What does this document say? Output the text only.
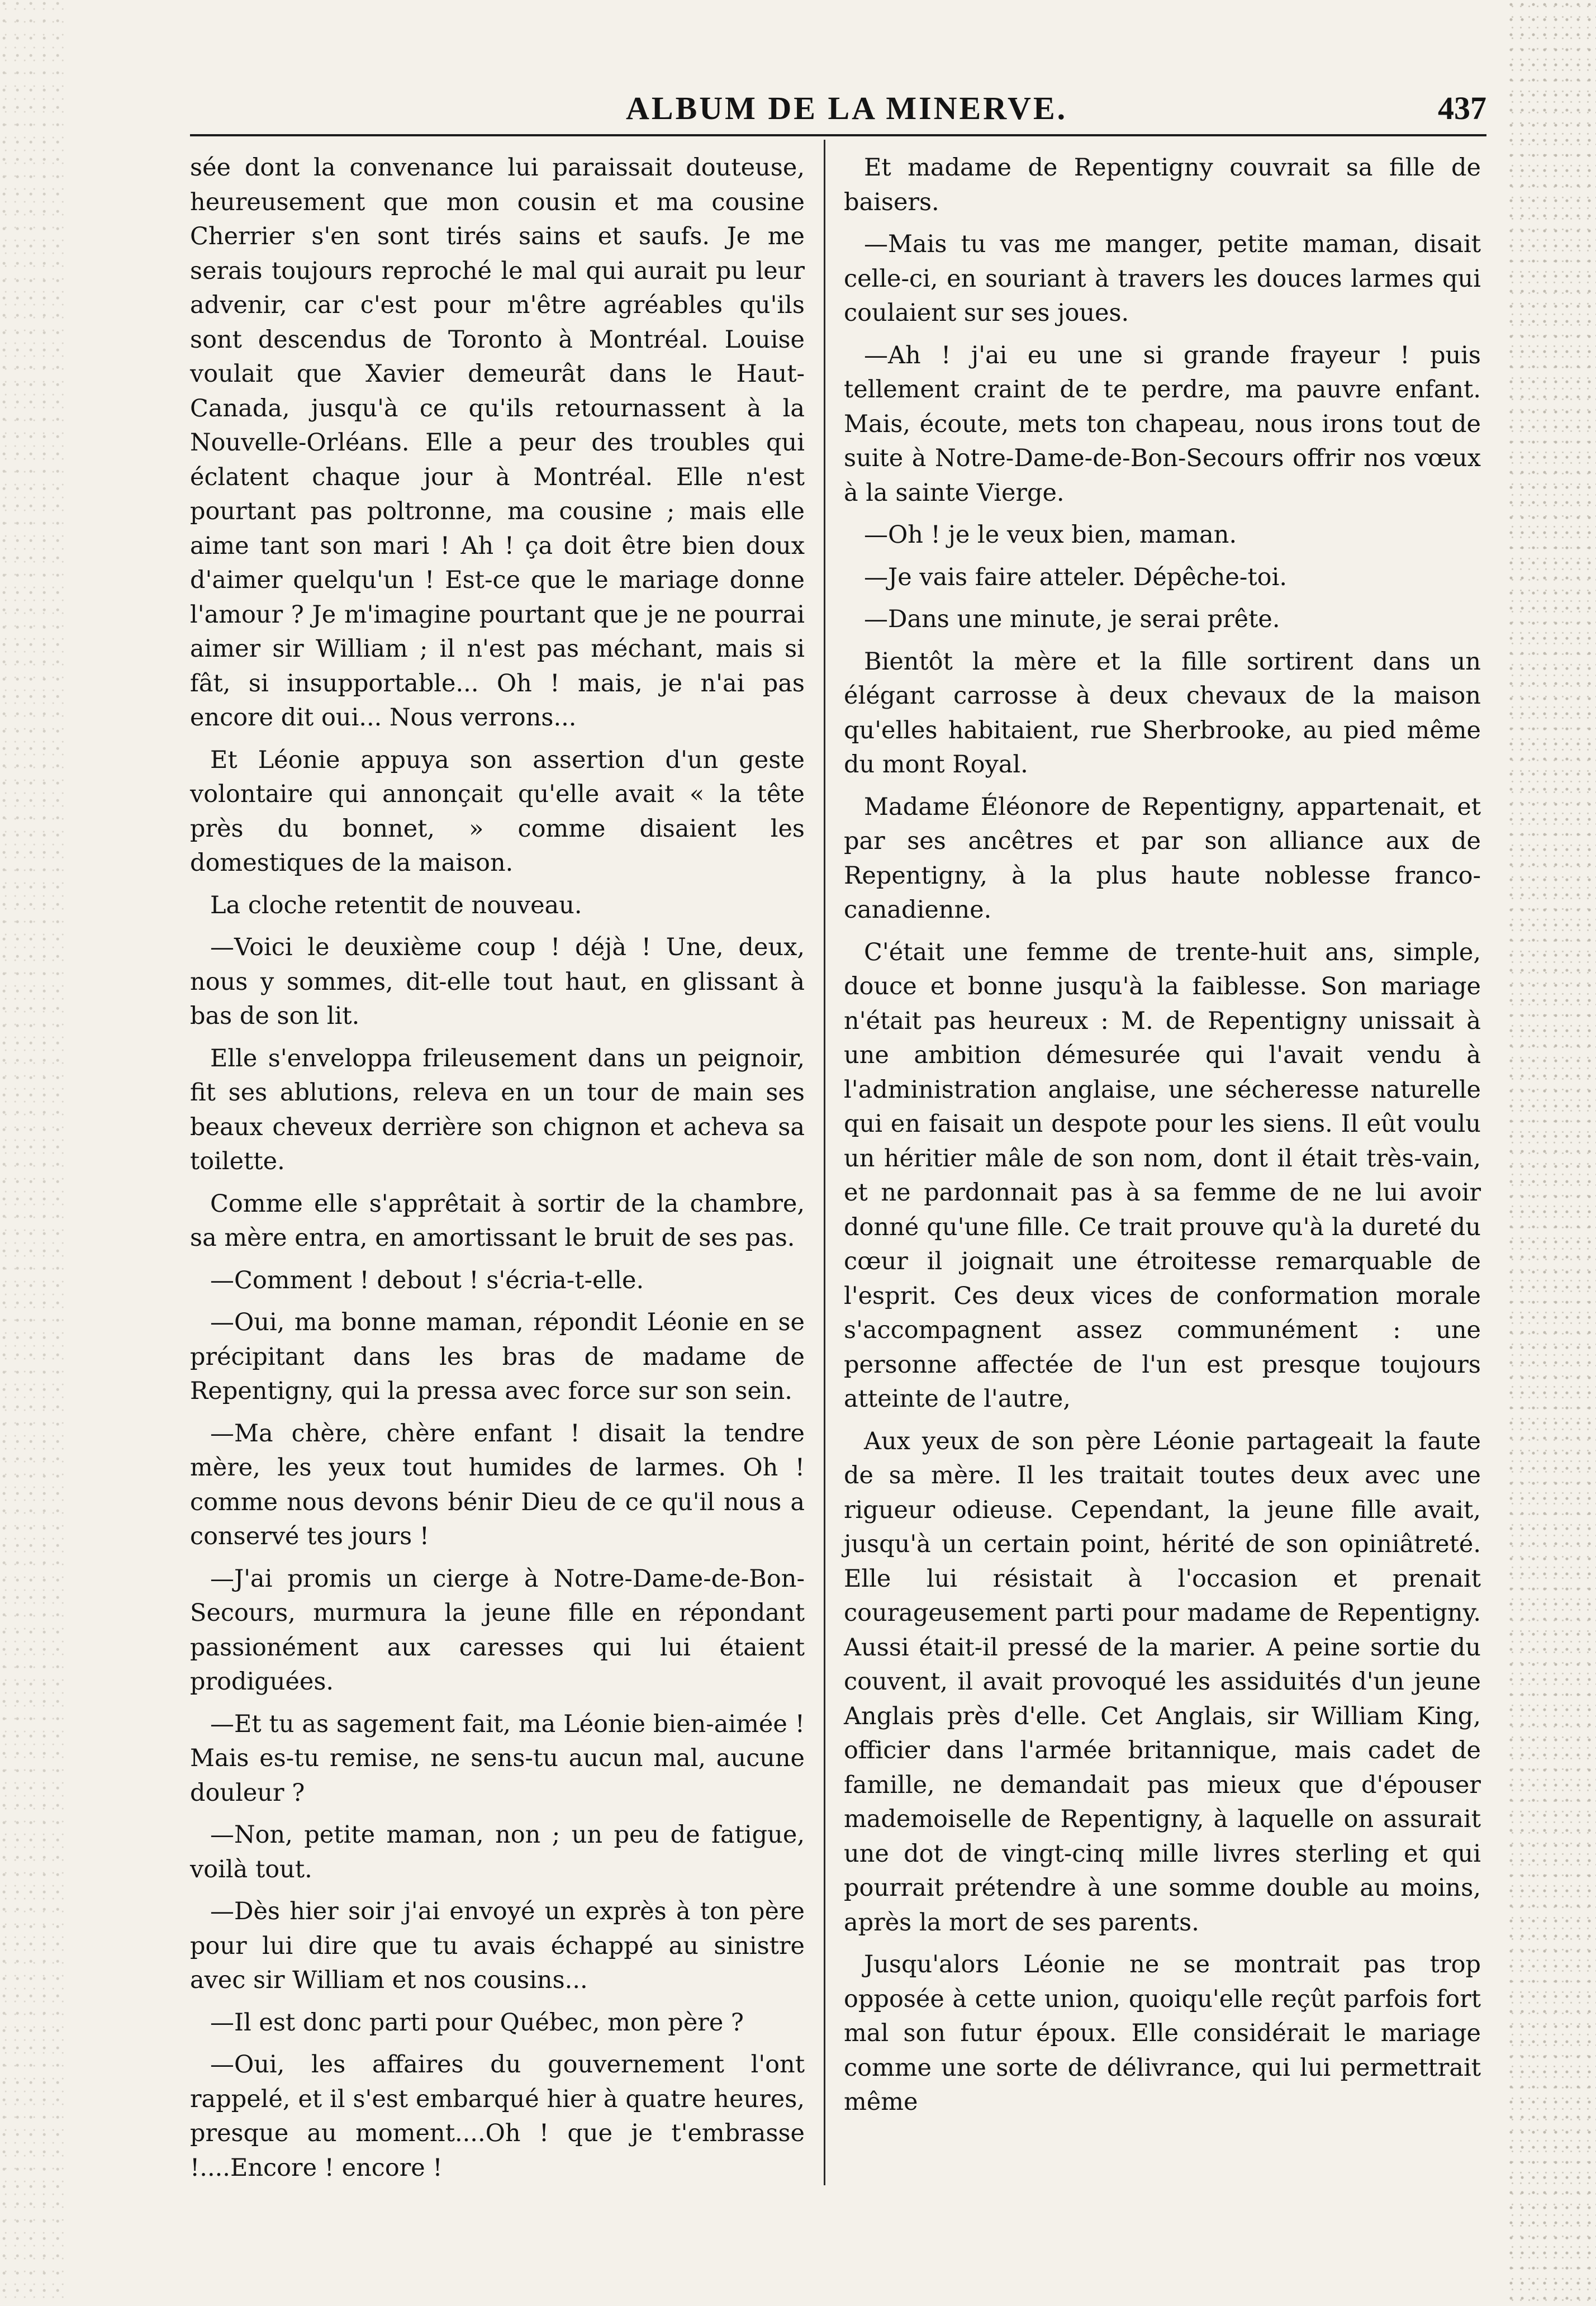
ALBUM DE LA MINERVE.	437

sée dont la convenance lui paraissait douteuse, heureusement que mon cousin et ma cousine Cherrier s'en sont tirés sains et saufs. Je me serais toujours reproché le mal qui aurait pu leur advenir, car c'est pour m'être agréables qu'ils sont descendus de Toronto à Montréal. Louise voulait que Xavier demeurât dans le Haut-Canada, jusqu'à ce qu'ils retournassent à la Nouvelle-Orléans. Elle a peur des troubles qui éclatent chaque jour à Montréal. Elle n'est pourtant pas poltronne, ma cousine ; mais elle aime tant son mari ! Ah ! ça doit être bien doux d'aimer quelqu'un ! Est-ce que le mariage donne l'amour ? Je m'imagine pourtant que je ne pourrai aimer sir William ; il n'est pas méchant, mais si fât, si insupportable... Oh ! mais, je n'ai pas encore dit oui... Nous verrons...

Et Léonie appuya son assertion d'un geste volontaire qui annonçait qu'elle avait « la tête près du bonnet, » comme disaient les domestiques de la maison.

La cloche retentit de nouveau.

—Voici le deuxième coup ! déjà ! Une, deux, nous y sommes, dit-elle tout haut, en glissant à bas de son lit.

Elle s'enveloppa frileusement dans un peignoir, fit ses ablutions, releva en un tour de main ses beaux cheveux derrière son chignon et acheva sa toilette.

Comme elle s'apprêtait à sortir de la chambre, sa mère entra, en amortissant le bruit de ses pas.

—Comment ! debout ! s'écria-t-elle.

—Oui, ma bonne maman, répondit Léonie en se précipitant dans les bras de madame de Repentigny, qui la pressa avec force sur son sein.

—Ma chère, chère enfant ! disait la tendre mère, les yeux tout humides de larmes. Oh ! comme nous devons bénir Dieu de ce qu'il nous a conservé tes jours !

—J'ai promis un cierge à Notre-Dame-de-Bon-Secours, murmura la jeune fille en répondant passionément aux caresses qui lui étaient prodiguées.

—Et tu as sagement fait, ma Léonie bien-aimée ! Mais es-tu remise, ne sens-tu aucun mal, aucune douleur ?

—Non, petite maman, non ; un peu de fatigue, voilà tout.

—Dès hier soir j'ai envoyé un exprès à ton père pour lui dire que tu avais échappé au sinistre avec sir William et nos cousins...

—Il est donc parti pour Québec, mon père ?

—Oui, les affaires du gouvernement l'ont rappelé, et il s'est embarqué hier à quatre heures, presque au moment....Oh ! que je t'embrasse !....Encore ! encore !

Et madame de Repentigny couvrait sa fille de baisers.

—Mais tu vas me manger, petite maman, disait celle-ci, en souriant à travers les douces larmes qui coulaient sur ses joues.

—Ah ! j'ai eu une si grande frayeur ! puis tellement craint de te perdre, ma pauvre enfant. Mais, écoute, mets ton chapeau, nous irons tout de suite à Notre-Dame-de-Bon-Secours offrir nos vœux à la sainte Vierge.

—Oh ! je le veux bien, maman.

—Je vais faire atteler. Dépêche-toi.

—Dans une minute, je serai prête.

Bientôt la mère et la fille sortirent dans un élégant carrosse à deux chevaux de la maison qu'elles habitaient, rue Sherbrooke, au pied même du mont Royal.

Madame Éléonore de Repentigny, appartenait, et par ses ancêtres et par son alliance aux de Repentigny, à la plus haute noblesse franco-canadienne.

C'était une femme de trente-huit ans, simple, douce et bonne jusqu'à la faiblesse. Son mariage n'était pas heureux : M. de Repentigny unissait à une ambition démesurée qui l'avait vendu à l'administration anglaise, une sécheresse naturelle qui en faisait un despote pour les siens. Il eût voulu un héritier mâle de son nom, dont il était très-vain, et ne pardonnait pas à sa femme de ne lui avoir donné qu'une fille. Ce trait prouve qu'à la dureté du cœur il joignait une étroitesse remarquable de l'esprit. Ces deux vices de conformation morale s'accompagnent assez communément : une personne affectée de l'un est presque toujours atteinte de l'autre,

Aux yeux de son père Léonie partageait la faute de sa mère. Il les traitait toutes deux avec une rigueur odieuse. Cependant, la jeune fille avait, jusqu'à un certain point, hérité de son opiniâtreté. Elle lui résistait à l'occasion et prenait courageusement parti pour madame de Repentigny. Aussi était-il pressé de la marier. A peine sortie du couvent, il avait provoqué les assiduités d'un jeune Anglais près d'elle. Cet Anglais, sir William King, officier dans l'armée britannique, mais cadet de famille, ne demandait pas mieux que d'épouser mademoiselle de Repentigny, à laquelle on assurait une dot de vingt-cinq mille livres sterling et qui pourrait prétendre à une somme double au moins, après la mort de ses parents.

Jusqu'alors Léonie ne se montrait pas trop opposée à cette union, quoiqu'elle reçût parfois fort mal son futur époux. Elle considérait le mariage comme une sorte de délivrance, qui lui permettrait même
